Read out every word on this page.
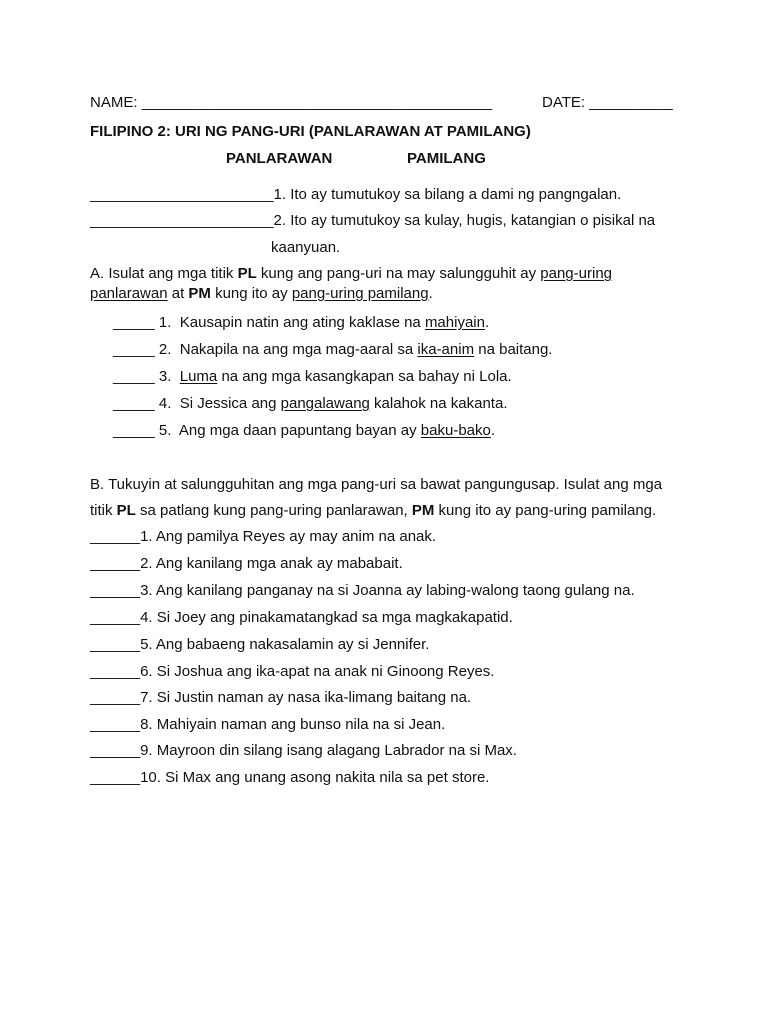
NAME: __________________________________________	DATE: __________
FILIPINO 2: URI NG PANG-URI (PANLARAWAN AT PAMILANG)
PANLARAWAN	PAMILANG
______________________1. Ito ay tumutukoy sa bilang a dami ng pangngalan.
______________________2. Ito ay tumutukoy sa kulay, hugis, katangian o pisikal na
kaanyuan.
A. Isulat ang mga titik PL kung ang pang-uri na may salungguhit ay pang-uring
panlarawan at PM kung ito ay pang-uring pamilang.
_____ 1. Kausapin natin ang ating kaklase na mahiyain.
_____ 2. Nakapila na ang mga mag-aaral sa ika-anim na baitang.
_____ 3. Luma na ang mga kasangkapan sa bahay ni Lola.
_____ 4. Si Jessica ang pangalawang kalahok na kakanta.
_____ 5. Ang mga daan papuntang bayan ay baku-bako.
B. Tukuyin at salungguhitan ang mga pang-uri sa bawat pangungusap. Isulat ang mga
titik PL sa patlang kung pang-uring panlarawan, PM kung ito ay pang-uring pamilang.
______1. Ang pamilya Reyes ay may anim na anak.
______2. Ang kanilang mga anak ay mababait.
______3. Ang kanilang panganay na si Joanna ay labing-walong taong gulang na.
______4. Si Joey ang pinakamatangkad sa mga magkakapatid.
______5. Ang babaeng nakasalamin ay si Jennifer.
______6. Si Joshua ang ika-apat na anak ni Ginoong Reyes.
______7. Si Justin naman ay nasa ika-limang baitang na.
______8. Mahiyain naman ang bunso nila na si Jean.
______9. Mayroon din silang isang alagang Labrador na si Max.
______10. Si Max ang unang asong nakita nila sa pet store.
